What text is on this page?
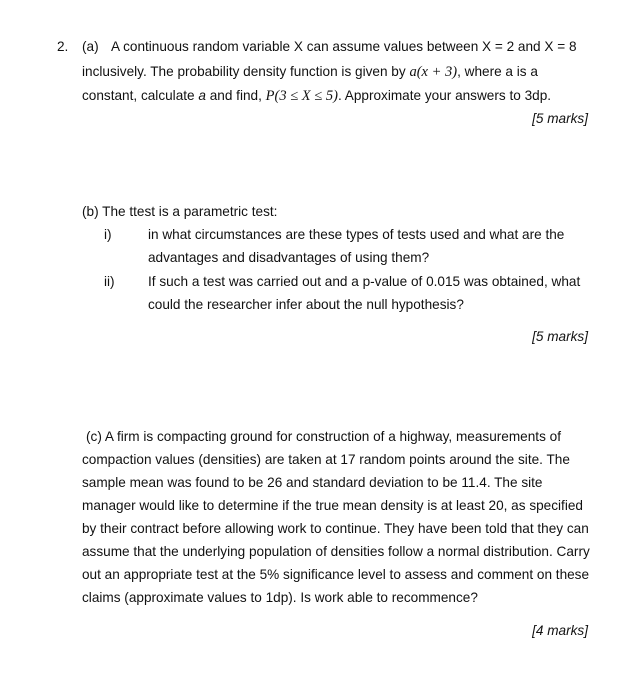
2. (a) A continuous random variable X can assume values between X = 2 and X = 8
inclusively. The probability density function is given by a(x + 3), where a is a
constant, calculate a and find, P(3 ≤ X ≤ 5). Approximate your answers to 3dp.
[5 marks]
(b) The ttest is a parametric test:
i)	in what circumstances are these types of tests used and what are the
advantages and disadvantages of using them?
ii) If such a test was carried out and a p-value of 0.015 was obtained, what
could the researcher infer about the null hypothesis?
[5 marks]
(c) A firm is compacting ground for construction of a highway, measurements of
compaction values (densities) are taken at 17 random points around the site. The
sample mean was found to be 26 and standard deviation to be 11.4. The site
manager would like to determine if the true mean density is at least 20, as specified
by their contract before allowing work to continue. They have been told that they can
assume that the underlying population of densities follow a normal distribution. Carry
out an appropriate test at the 5% significance level to assess and comment on these
claims (approximate values to 1dp). Is work able to recommence?
[4 marks]
